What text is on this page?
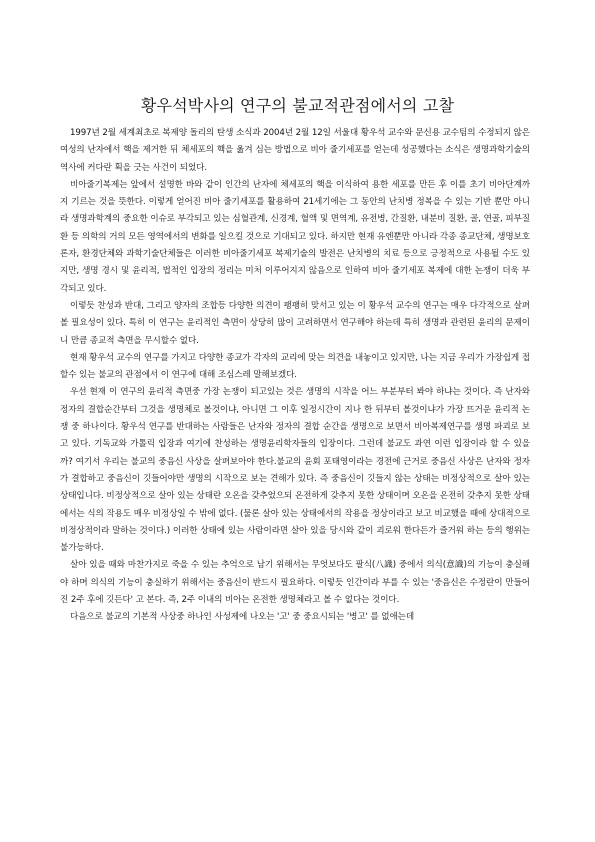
황우석박사의 연구의 불교적관점에서의 고찰

1997년 2월 세계최초로 복제양 돌리의 탄생 소식과 2004년 2월 12일 서울대 황우석 교수와 문신용 교수팀의 수정되지 않은 여성의 난자에서 핵을 제거한 뒤 체세포의 핵을 옮겨 심는 방법으로 비아 줄기세포를 얻는데 성공했다는 소식은 생명과학기술의 역사에 커다란 획을 긋는 사건이 되었다.

비아줄기복제는 앞에서 설명한 바와 같이 인간의 난자에 체세포의 핵을 이식하여 용한 세포를 만든 후 이를 초기 비아단계까지 기르는 것을 뜻한다. 이렇게 얻어진 비아 줄기세포를 활용하여 21세기에는 그 동안의 난치병 정복을 수 있는 기반 뿐만 아니라 생명과학계의 중요한 이슈로 부각되고 있는 심혈관계, 신경계, 혈액 및 면역계, 유전병, 간질환, 내분비 질환, 골, 연골, 피부질환 등 의학의 거의 모든 영역에서의 변화를 일으킬 것으로 기대되고 있다. 하지만 현재 유엔뿐만 아니라 각종 종교단체, 생명보호론자, 환경단체와 과학기술단체들은 이러한 비아줄기세포 복제기술의 발전은 난치병의 치료 등으로 긍정적으로 사용될 수도 있지만, 생명 경시 및 윤리적, 법적인 입장의 정리는 미처 이루어지지 않음으로 인하여 비아 줄기세포 복제에 대한 논쟁이 더욱 부각되고 있다.

이렇듯 찬성과 반대, 그리고 양자의 조합등 다양한 의견이 팽팽히 맞서고 있는 이 황우석 교수의 연구는 매우 다각적으로 살펴볼 필요성이 있다. 특히 이 연구는 윤리적인 측면이 상당히 많이 고려하면서 연구해야 하는데 특히 생명과 관련된 윤리의 문제이니 만큼 종교적 측면을 무시할수 없다.

현재 황우석 교수의 연구를 가지고 다양한 종교가 각자의 교리에 맞는 의견을 내놓이고 있지만, 나는 지금 우리가 가장쉽게 접할수 있는 불교의 관점에서 이 연구에 대해 조심스레 말해보겠다.

우선 현재 이 연구의 윤리적 측면중 가장 논쟁이 되고있는 것은 생명의 시작을 어느 부분부터 봐야 하냐는 것이다. 즉 난자와 정자의 결합순간부터 그것을 생명체로 볼것이냐, 아니면 그 이후 일정시간이 지나 한 뒤부터 볼것이냐가 가장 뜨거운 윤리적 논쟁 중 하나이다. 황우석 연구를 반대하는 사람들은 난자와 정자의 결합 순간을 생명으로 보면서 비아복제연구를 생명 파괴로 보고 있다. 기독교와 가톨릭 입장과 여기에 찬성하는 생명윤리학자들의 입장이다. 그런데 불교도 과연 이런 입장이라 할 수 있을까? 여기서 우리는 불교의 중음신 사상을 살펴보아야 한다.불교의 윤회 포태영이라는 경전에 근거로 중음신 사상은 난자와 정자가 결합하고 중음신이 깃들어야만 생명의 시작으로 보는 견해가 있다. 즉 중음신이 깃들지 않는 상태는 비정상적으로 살아 있는 상태입니다. 비정상적으로 살아 있는 상태란 오온을 갖추었으되 온전하게 갖추지 못한 상태이며 오온을 온전히 갖추지 못한 상태에서는 식의 작용도 매우 비정상일 수 밖에 없다. (물론 살아 있는 상태에서의 작용을 정상이라고 보고 비교했을 때에 상대적으로 비정상적이라 말하는 것이다.) 이러한 상태에 있는 사람이라면 살아 있을 당시와 같이 괴로워 한다든가 즐거워 하는 등의 행위는 불가능하다.

살아 있을 때와 마찬가지로 죽을 수 있는 추억으로 남기 위해서는 무엇보다도 팔식(八識) 중에서 의식(意識)의 기능이 충실해야 하며 의식의 기능이 충실하기 위해서는 중음신이 반드시 필요하다. 이렇듯 인간이라 부를 수 있는 '중음신은 수정란이 만들어진 2주 후에 깃든다' 고 본다. 즉, 2주 이내의 비아는 온전한 생명체라고 볼 수 없다는 것이다.

다음으로 불교의 기본적 사상중 하나인 사성제에 나오는 '고' 중 중요시되는 '병고' 를 없애는데
